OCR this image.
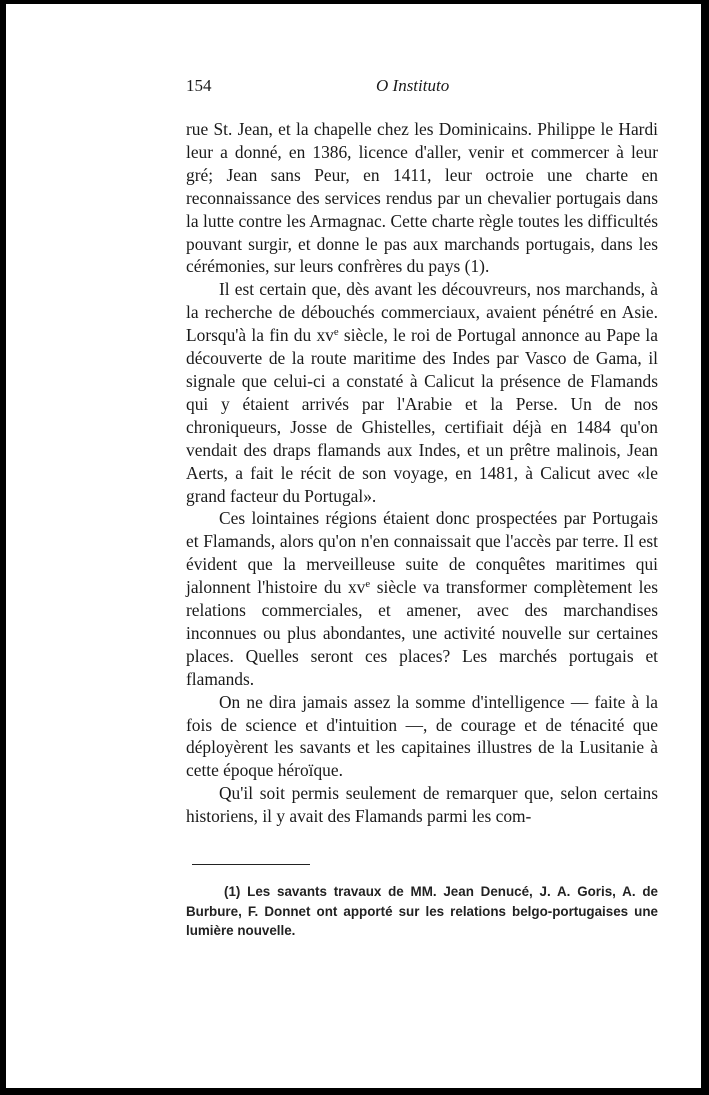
154	O Instituto

rue St. Jean, et la chapelle chez les Dominicains. Philippe le Hardi leur a donné, en 1386, licence d'aller, venir et commercer à leur gré; Jean sans Peur, en 1411, leur octroie une charte en reconnaissance des services rendus par un chevalier portugais dans la lutte contre les Armagnac. Cette charte règle toutes les difficultés pouvant surgir, et donne le pas aux marchands portugais, dans les cérémonies, sur leurs confrères du pays (1).

Il est certain que, dès avant les découvreurs, nos marchands, à la recherche de débouchés commerciaux, avaient pénétré en Asie. Lorsqu'à la fin du $xv^e$ siècle, le roi de Portugal annonce au Pape la découverte de la route maritime des Indes par Vasco de Gama, il signale que celui-ci a constaté à Calicut la présence de Flamands qui y étaient arrivés par l'Arabie et la Perse. Un de nos chroniqueurs, Josse de Ghistelles, certifiait déjà en 1484 qu'on vendait des draps flamands aux Indes, et un prêtre malinois, Jean Aerts, a fait le récit de son voyage, en 1481, à Calicut avec «le grand facteur du Portugal».

Ces lointaines régions étaient donc prospectées par Portugais et Flamands, alors qu'on n'en connaissait que l'accès par terre. Il est évident que la merveilleuse suite de conquêtes maritimes qui jalonnent l'histoire du $xv^e$ siècle va transformer complètement les relations commerciales, et amener, avec des marchandises inconnues ou plus abondantes, une activité nouvelle sur certaines places. Quelles seront ces places? Les marchés portugais et flamands.

On ne dira jamais assez la somme d'intelligence — faite à la fois de science et d'intuition —, de courage et de ténacité que déployèrent les savants et les capitaines illustres de la Lusitanie à cette époque héroïque.

Qu'il soit permis seulement de remarquer que, selon certains historiens, il y avait des Flamands parmi les com-

(1) Les savants travaux de MM. Jean Denucé, J. A. Goris, A. de Burbure, F. Donnet ont apporté sur les relations belgo-portugaises une lumière nouvelle.
